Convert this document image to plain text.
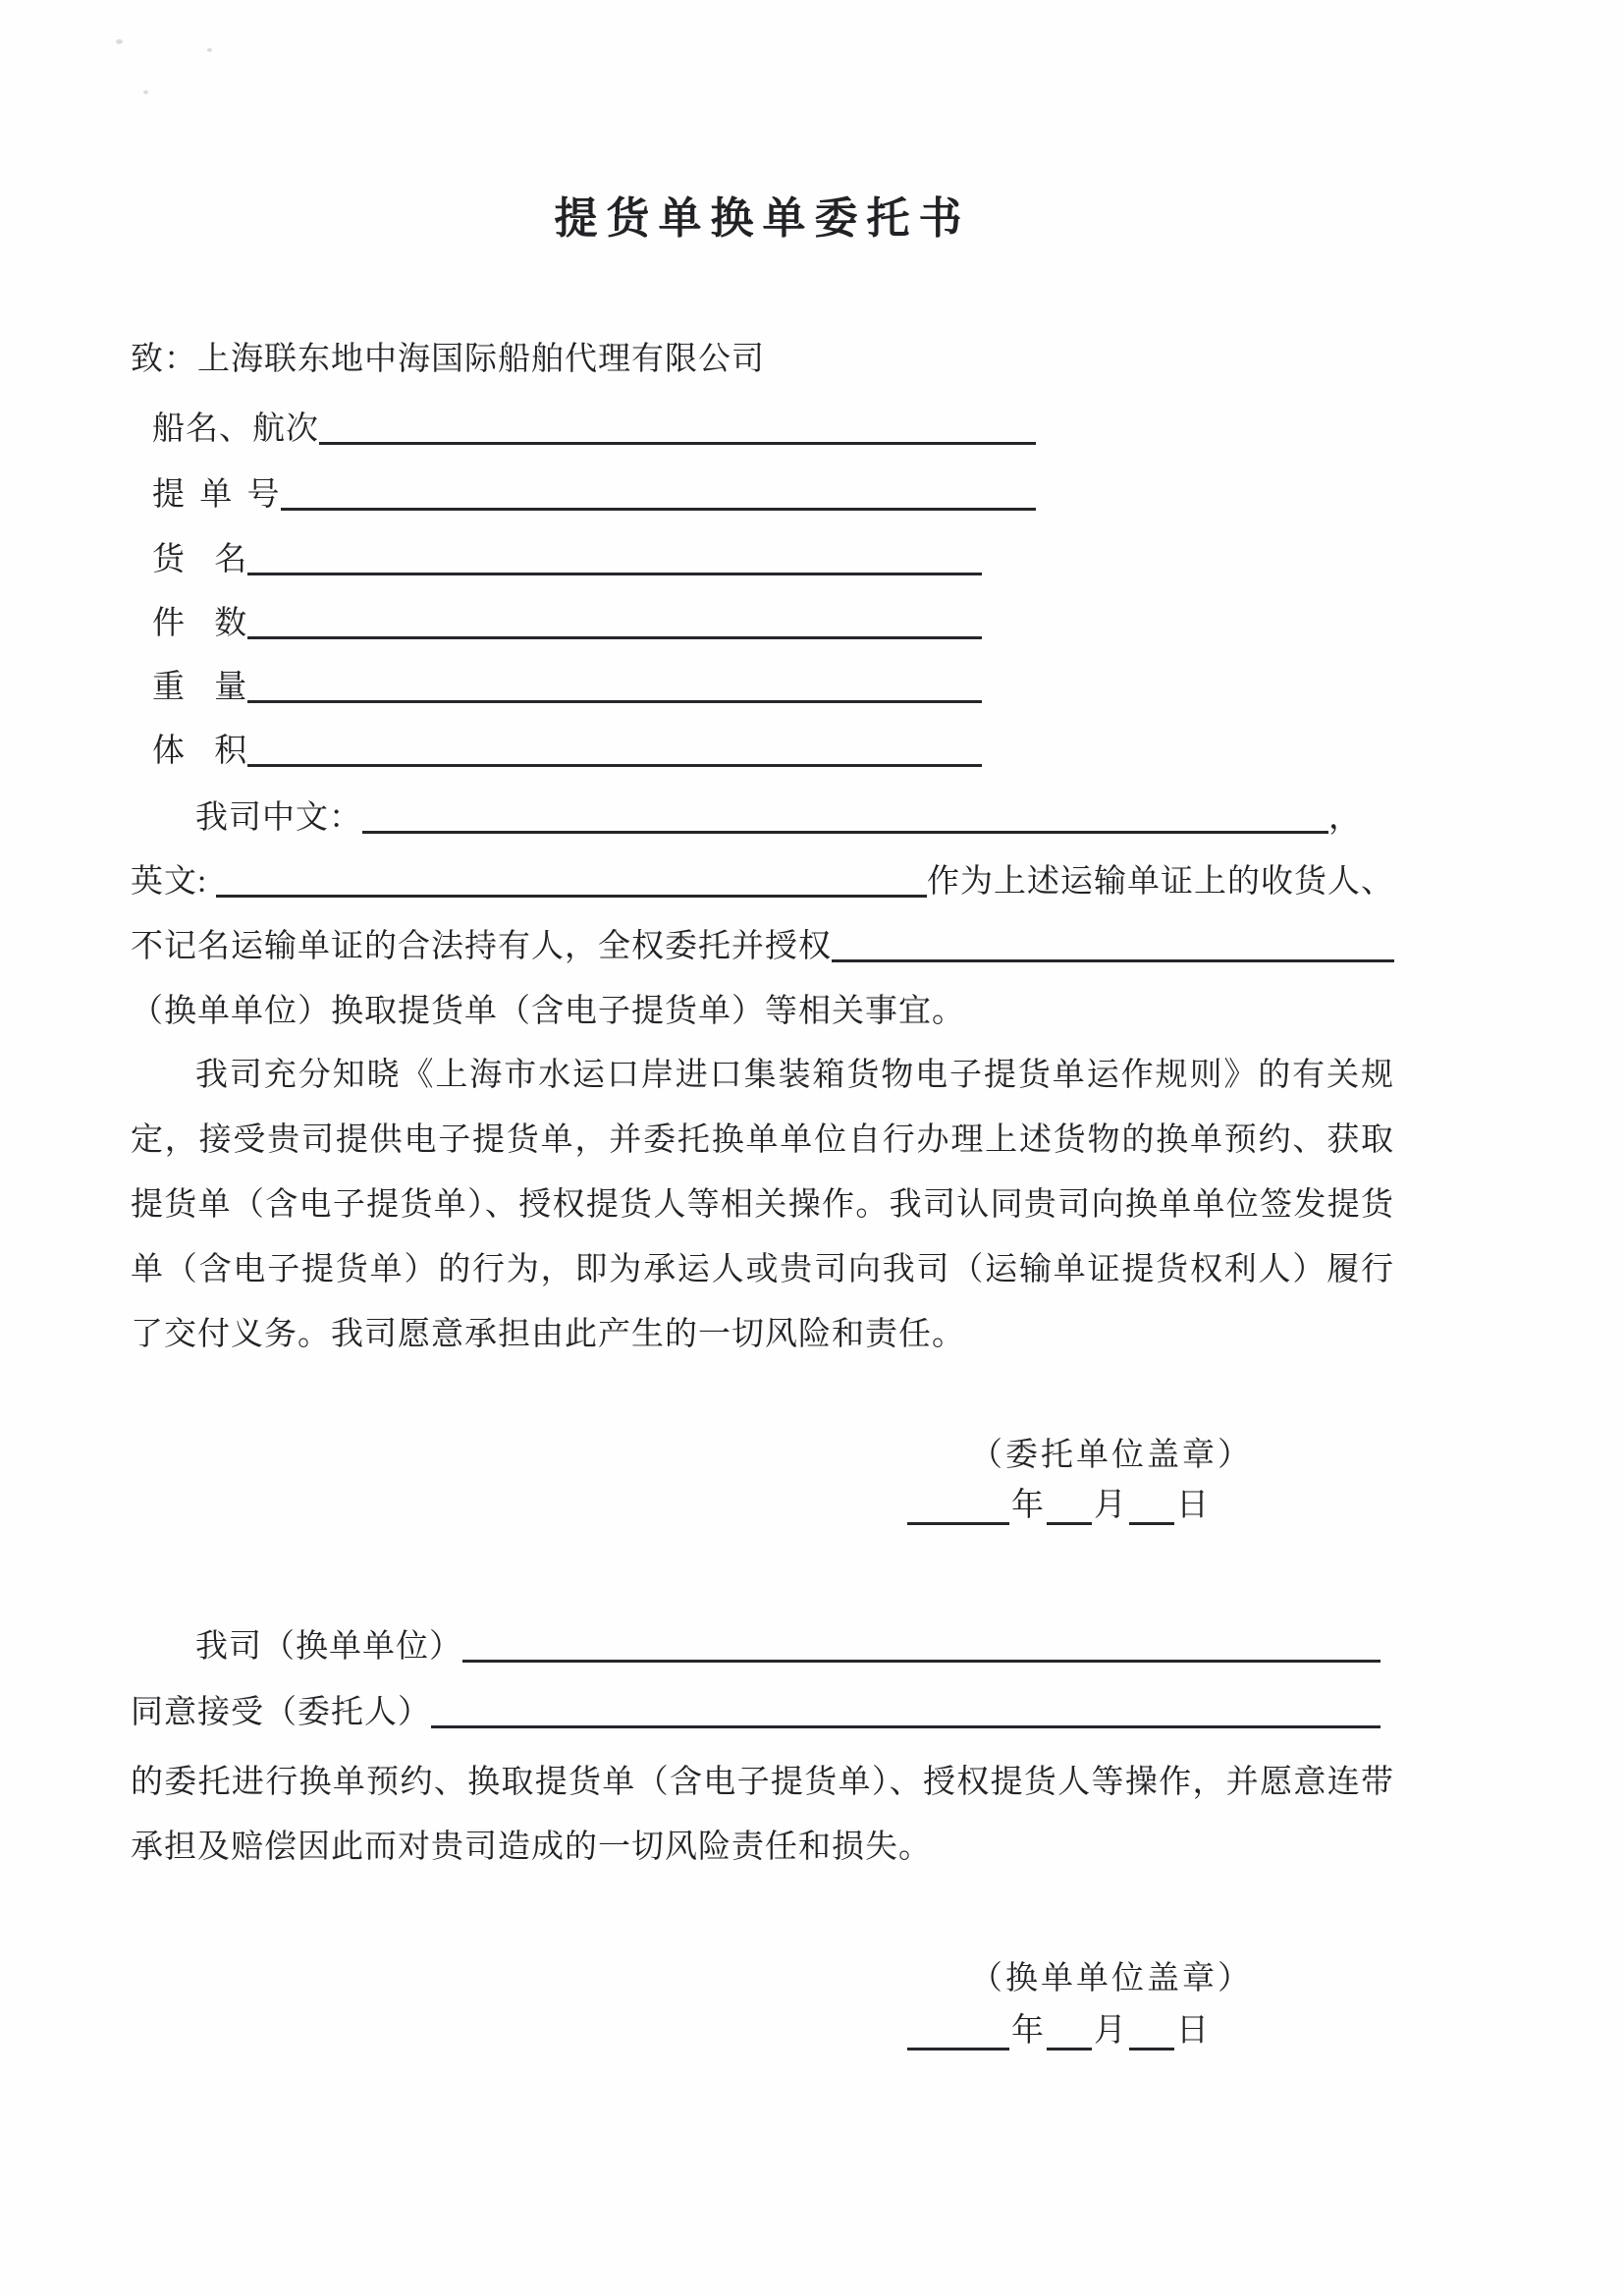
提货单换单委托书
致： 上海联东地中海国际船舶代理有限公司
船名、航次
提 单 号
货 名
件 数
重 量
体 积
我司中文：	，
英文:	作为上述运输单证上的收货人、
不记名运输单证的合法持有人，全权委托并授权
（换单单位）换取提货单（含电子提货单）等相关事宜。
我司充分知晓《上海市水运口岸进口集装箱货物电子提货单运作规则》的有关规定，接受贵司提供电子提货单，并委托换单单位自行办理上述货物的换单预约、获取提货单（含电子提货单）、授权提货人等相关操作。我司认同贵司向换单单位签发提货单（含电子提货单）的行为，即为承运人或贵司向我司（运输单证提货权利人）履行了交付义务。我司愿意承担由此产生的一切风险和责任。
（委托单位盖章）
年 月 日
我司（换单单位）
同意接受（委托人）
的委托进行换单预约、换取提货单（含电子提货单）、授权提货人等操作，并愿意连带承担及赔偿因此而对贵司造成的一切风险责任和损失。
（换单单位盖章）
年 月 日
